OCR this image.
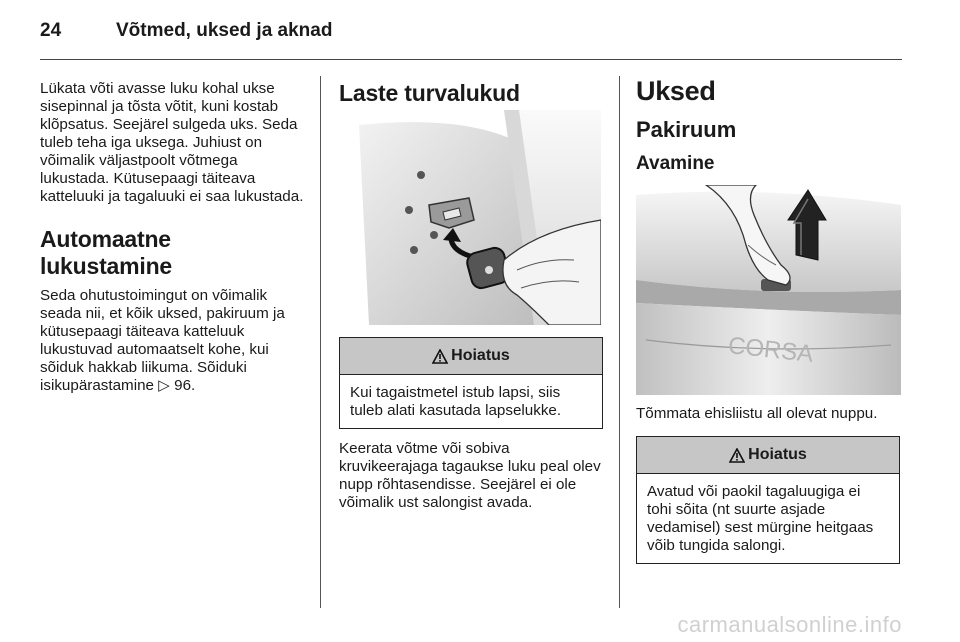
24	Võtmed, uksed ja aknad

Lükata võti avasse luku kohal ukse sisepinnal ja tõsta võtit, kuni kostab klõpsatus. Seejärel sulgeda uks. Seda tuleb teha iga uksega. Juhiust on võimalik väljastpoolt võtmega lukustada. Kütusepaagi täiteava katteluuki ja tagaluuki ei saa lukustada.

Automaatne lukustamine

Seda ohutustoimingut on võimalik seada nii, et kõik uksed, pakiruum ja kütusepaagi täiteava katteluuk lukustuvad automaatselt kohe, kui sõiduk hakkab liikuma. Sõiduki isikupärastamine ▷ 96.

Laste turvalukud
Hoiatus
Kui tagaistmetel istub lapsi, siis tuleb alati kasutada lapselukke.

Keerata võtme või sobiva kruvikeerajaga tagaukse luku peal olev nupp rõhtasendisse. Seejärel ei ole võimalik ust salongist avada.

Uksed
Pakiruum
Avamine
CORSA

Tõmmata ehisliistu all olevat nuppu.

Hoiatus
Avatud või paokil tagaluugiga ei tohi sõita (nt suurte asjade vedamisel) sest mürgine heitgaas võib tungida salongi.
carmanualsonline.info
